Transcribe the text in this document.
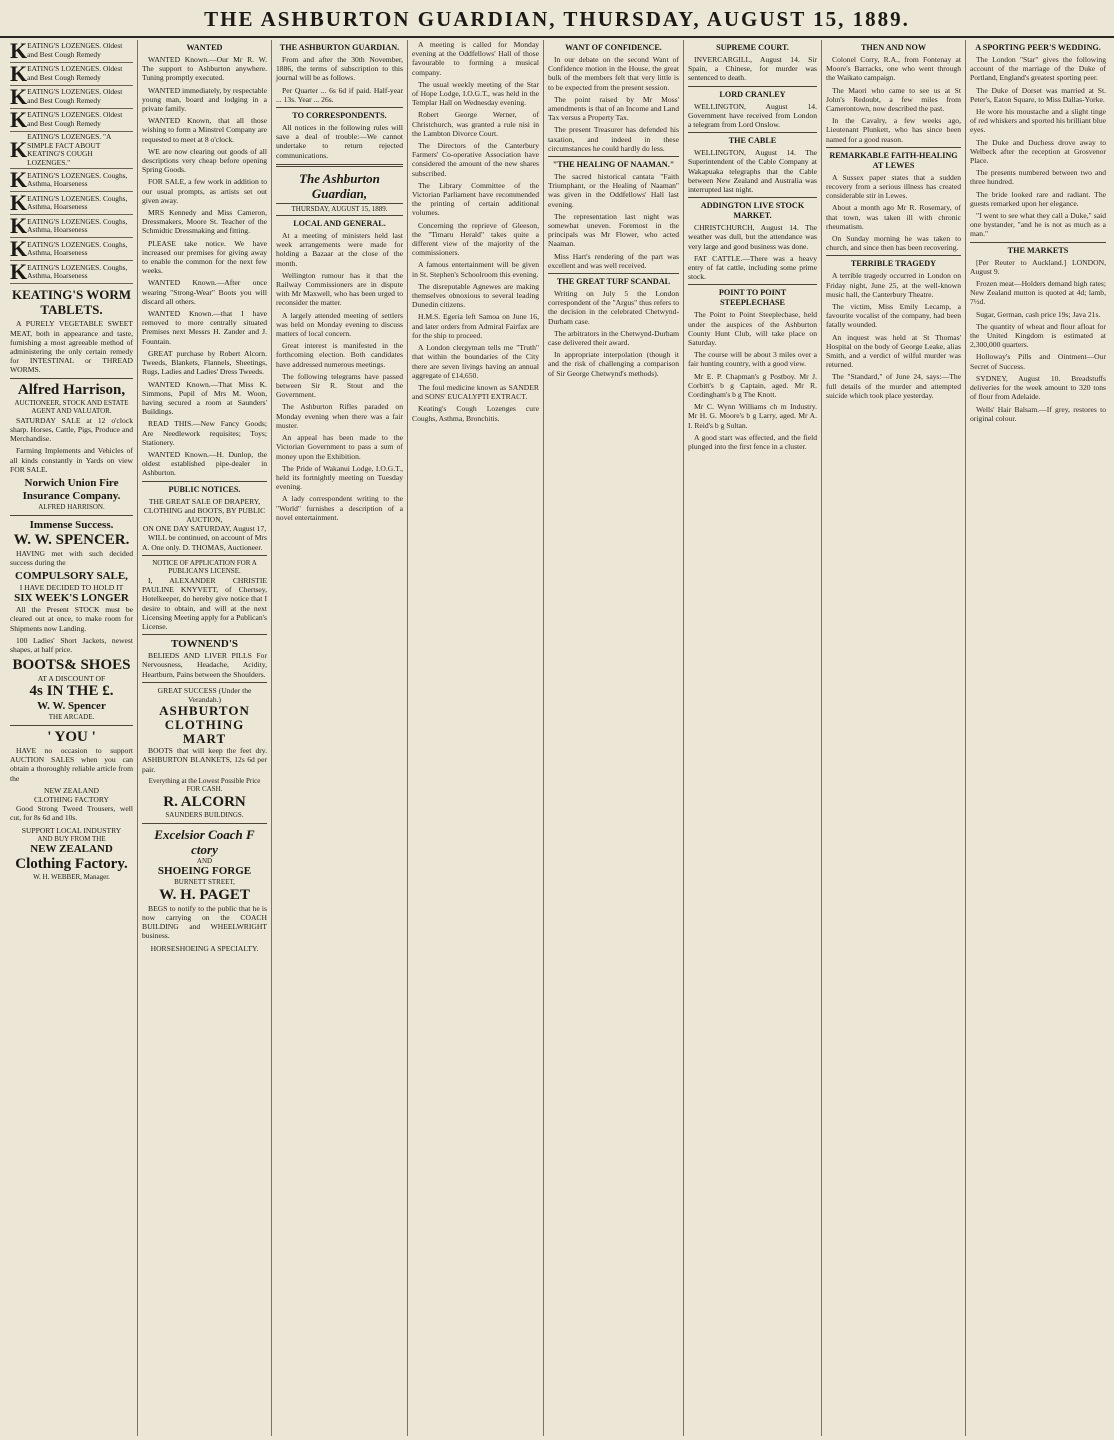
THE ASHBURTON GUARDIAN, THURSDAY, AUGUST 15, 1889.
K EATING'S LOZENGES. Oldest and Best Cough Remedy
K EATING'S LOZENGES. Oldest and Best Cough Remedy
K EATING'S LOZENGES. Oldest and Best Cough Remedy
K EATING'S LOZENGES. Oldest and Best Cough Remedy
K
EATING'S LOZENGES. "A SIMPLE FACT ABOUT KEATING'S COUGH LOZENGES."
K EATING'S LOZENGES. Coughs, Asthma, Hoarseness
K EATING'S LOZENGES. Coughs, Asthma, Hoarseness
K EATING'S LOZENGES. Coughs, Asthma, Hoarseness
K EATING'S LOZENGES. Coughs, Asthma, Hoarseness
K EATING'S LOZENGES. Coughs, Asthma, Hoarseness
KEATING'S WORM TABLETS.

A PURELY VEGETABLE SWEET MEAT, both in appearance and taste, furnishing a most agreeable method of administering the only certain remedy for INTESTINAL or THREAD WORMS.

Alfred Harrison,
AUCTIONEER, STOCK AND ESTATE AGENT AND VALUATOR.

SATURDAY SALE at 12 o'clock sharp. Horses, Cattle, Pigs, Produce and Merchandise.

Farming Implements and Vehicles of all kinds constantly in Yards on view FOR SALE.

Norwich Union Fire Insurance Company.
ALFRED HARRISON.
Immense Success.
W. W. SPENCER.

HAVING met with such decided success during the

COMPULSORY SALE,
I HAVE DECIDED TO HOLD IT
SIX WEEK'S LONGER

All the Present STOCK must be cleared out at once, to make room for Shipments now Landing.

100 Ladies' Short Jackets, newest shapes, at half price.

BOOTS& SHOES
AT A DISCOUNT OF
4s IN THE £.
W. W. Spencer
THE ARCADE.
' YOU '

HAVE no occasion to support AUCTION SALES when you can obtain a thoroughly reliable article from the

NEW ZEALAND
CLOTHING FACTORY

Good Strong Tweed Trousers, well cut, for 8s 6d and 10s.

SUPPORT LOCAL INDUSTRY
AND BUY FROM THE
NEW ZEALAND
Clothing Factory.
W. H. WEBBER, Manager.
WANTED

WANTED Known.—Our Mr R. W. The support to Ashburton anywhere. Tuning promptly executed.

WANTED immediately, by respectable young man, board and lodging in a private family.

WANTED Known, that all those wishing to form a Minstrel Company are requested to meet at 8 o'clock.

WE are now clearing out goods of all descriptions very cheap before opening Spring Goods.

FOR SALE, a few work in addition to our usual prompts, as artists set out given away.

MRS Kennedy and Miss Cameron, Dressmakers, Moore St. Teacher of the Schmidtic Dressmaking and fitting.

PLEASE take notice. We have increased our premises for giving away to enable the common for the next few weeks.

WANTED Known.—After once wearing "Strong-Wear" Boots you will discard all others.

WANTED Known.—that I have removed to more centrally situated Premises next Messrs H. Zander and J. Fountain.

GREAT purchase by Robert Alcorn. Tweeds, Blankets, Flannels, Sheetings, Rugs, Ladies and Ladies' Dress Tweeds.

WANTED Known.—That Miss K. Simmons, Pupil of Mrs M. Woon, having secured a room at Saunders' Buildings.

READ THIS.—New Fancy Goods; Are Needlework requisites; Toys; Stationery.

WANTED Known.—H. Dunlop, the oldest established pipe-dealer in Ashburton.

PUBLIC NOTICES.
THE GREAT SALE OF DRAPERY, CLOTHING and BOOTS, BY PUBLIC AUCTION,
ON ONE DAY SATURDAY, August 17,

WILL be continued, on account of Mrs A. One only. D. THOMAS, Auctioneer.

NOTICE OF APPLICATION FOR A PUBLICAN'S LICENSE.

I, ALEXANDER CHRISTIE PAULINE KNYVETT, of Chertsey, Hotelkeeper, do hereby give notice that I desire to obtain, and will at the next Licensing Meeting apply for a Publican's License.

TOWNEND'S

BELIEDS AND LIVER PILLS For Nervousness, Headache, Acidity, Heartburn, Pains between the Shoulders.

GREAT SUCCESS (Under the Verandah.)
ASHBURTON CLOTHING MART

BOOTS that will keep the feet dry. ASHBURTON BLANKETS, 12s 6d per pair.

Everything at the Lowest Possible Price FOR CASH.
R. ALCORN
SAUNDERS BUILDINGS.
Excelsior Coach F ctory
AND
SHOEING FORGE
BURNETT STREET,
W. H. PAGET

BEGS to notify to the public that he is now carrying on the COACH BUILDING and WHEELWRIGHT business.

HORSESHOEING A SPECIALTY.
THE ASHBURTON GUARDIAN.

From and after the 30th November, 1886, the terms of subscription to this journal will be as follows.

Per Quarter ... 6s 6d if paid. Half-year ... 13s. Year ... 26s.

TO CORRESPONDENTS.

All notices in the following rules will save a deal of trouble:—We cannot undertake to return rejected communications.

The Ashburton Guardian,
THURSDAY, AUGUST 15, 1889.
LOCAL AND GENERAL.

At a meeting of ministers held last week arrangements were made for holding a Bazaar at the close of the month.

Wellington rumour has it that the Railway Commissioners are in dispute with Mr Maxwell, who has been urged to reconsider the matter.

A largely attended meeting of settlers was held on Monday evening to discuss matters of local concern.

Great interest is manifested in the forthcoming election. Both candidates have addressed numerous meetings.

The following telegrams have passed between Sir R. Stout and the Government.

The Ashburton Rifles paraded on Monday evening when there was a fair muster.

An appeal has been made to the Victorian Government to pass a sum of money upon the Exhibition.

The Pride of Wakanui Lodge, I.O.G.T., held its fortnightly meeting on Tuesday evening.

A lady correspondent writing to the "World" furnishes a description of a novel entertainment.

A meeting is called for Monday evening at the Oddfellows' Hall of those favourable to forming a musical company.

The usual weekly meeting of the Star of Hope Lodge, I.O.G.T., was held in the Templar Hall on Wednesday evening.

Robert George Werner, of Christchurch, was granted a rule nisi in the Lambton Divorce Court.

The Directors of the Canterbury Farmers' Co-operative Association have considered the amount of the new shares subscribed.

The Library Committee of the Victorian Parliament have recommended the printing of certain additional volumes.

Concerning the reprieve of Gleeson, the "Timaru Herald" takes quite a different view of the majority of the commissioners.

A famous entertainment will be given in St. Stephen's Schoolroom this evening.

The disreputable Agnewes are making themselves obnoxious to several leading Dunedin citizens.

H.M.S. Egeria left Samoa on June 16, and later orders from Admiral Fairfax are for the ship to proceed.

A London clergyman tells me "Truth" that within the boundaries of the City there are seven livings having an annual aggregate of £14,650.

The foul medicine known as SANDER and SONS' EUCALYPTI EXTRACT.

Keating's Cough Lozenges cure Coughs, Asthma, Bronchitis.

WANT OF CONFIDENCE.

In our debate on the second Want of Confidence motion in the House, the great bulk of the members felt that very little is to be expected from the present session.

The point raised by Mr Moss' amendments is that of an Income and Land Tax versus a Property Tax.

The present Treasurer has defended his taxation, and indeed in these circumstances he could hardly do less.

"THE HEALING OF NAAMAN."

The sacred historical cantata "Faith Triumphant, or the Healing of Naaman" was given in the Oddfellows' Hall last evening.

The representation last night was somewhat uneven. Foremost in the principals was Mr Flower, who acted Naaman.

Miss Hart's rendering of the part was excellent and was well received.

THE GREAT TURF SCANDAL

Writing on July 5 the London correspondent of the "Argus" thus refers to the decision in the celebrated Chetwynd-Durham case.

The arbitrators in the Chetwynd-Durham case delivered their award.

In appropriate interpolation (though it and the risk of challenging a comparison of Sir George Chetwynd's methods).

SUPREME COURT.

INVERCARGILL, August 14. Sir Spain, a Chinese, for murder was sentenced to death.

LORD CRANLEY

WELLINGTON, August 14. Government have received from London a telegram from Lord Onslow.

THE CABLE

WELLINGTON, August 14. The Superintendent of the Cable Company at Wakapuaka telegraphs that the Cable between New Zealand and Australia was interrupted last night.

ADDINGTON LIVE STOCK MARKET.

CHRISTCHURCH, August 14. The weather was dull, but the attendance was very large and good business was done.

FAT CATTLE.—There was a heavy entry of fat cattle, including some prime stock.

POINT TO POINT STEEPLECHASE

The Point to Point Steeplechase, held under the auspices of the Ashburton County Hunt Club, will take place on Saturday.

The course will be about 3 miles over a fair hunting country, with a good view.

Mr E. P. Chapman's g Postboy. Mr J. Corbitt's b g Captain, aged. Mr R. Cordingham's b g The Knott.

Mr C. Wynn Williams ch m Industry. Mr H. G. Moore's b g Larry, aged. Mr A. I. Reid's b g Sultan.

A good start was effected, and the field plunged into the first fence in a cluster.

THEN AND NOW

Colonel Corry, R.A., from Fontenay at Moore's Barracks, one who went through the Waikato campaign.

The Maori who came to see us at St John's Redoubt, a few miles from Camerontown, now described the past.

In the Cavalry, a few weeks ago, Lieutenant Plunkett, who has since been named for a good reason.

REMARKABLE FAITH-HEALING AT LEWES

A Sussex paper states that a sudden recovery from a serious illness has created considerable stir in Lewes.

About a month ago Mr R. Rosemary, of that town, was taken ill with chronic rheumatism.

On Sunday morning he was taken to church, and since then has been recovering.

TERRIBLE TRAGEDY

A terrible tragedy occurred in London on Friday night, June 25, at the well-known music hall, the Canterbury Theatre.

The victim, Miss Emily Lecamp, a favourite vocalist of the company, had been fatally wounded.

An inquest was held at St Thomas' Hospital on the body of George Leake, alias Smith, and a verdict of wilful murder was returned.

The "Standard," of June 24, says:—The full details of the murder and attempted suicide which took place yesterday.

A SPORTING PEER'S WEDDING.

The London "Star" gives the following account of the marriage of the Duke of Portland, England's greatest sporting peer.

The Duke of Dorset was married at St. Peter's, Eaton Square, to Miss Dallas-Yorke.

He wore his moustache and a slight tinge of red whiskers and sported his brilliant blue eyes.

The Duke and Duchess drove away to Welbeck after the reception at Grosvenor Place.

The presents numbered between two and three hundred.

The bride looked rare and radiant. The guests remarked upon her elegance.

"I went to see what they call a Duke," said one bystander, "and he is not as much as a man."

THE MARKETS

[Per Reuter to Auckland.] LONDON, August 9.

Frozen meat—Holders demand high rates; New Zealand mutton is quoted at 4d; lamb, 7½d.

Sugar, German, cash price 19s; Java 21s.

The quantity of wheat and flour afloat for the United Kingdom is estimated at 2,300,000 quarters.

Holloway's Pills and Ointment—Our Secret of Success.

SYDNEY, August 10. Breadstuffs deliveries for the week amount to 320 tons of flour from Adelaide.

Wells' Hair Balsam.—If grey, restores to original colour.
